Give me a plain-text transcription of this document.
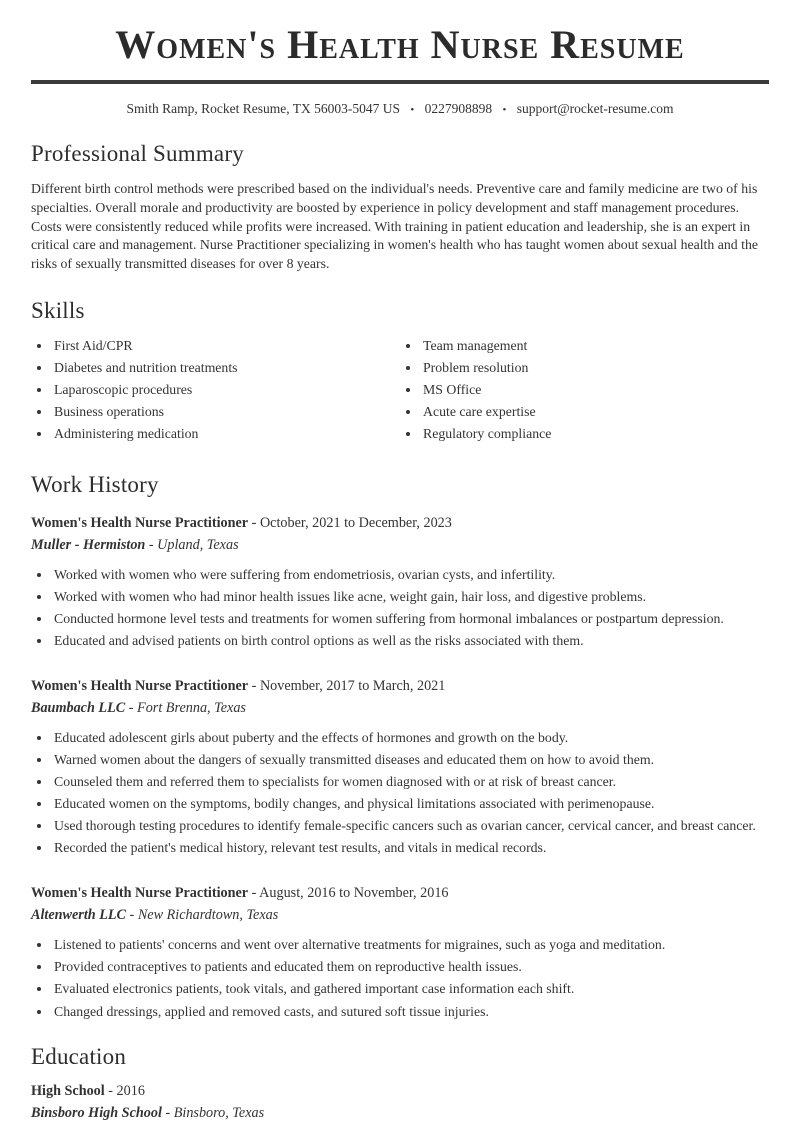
Women's Health Nurse Resume
Smith Ramp, Rocket Resume, TX 56003-5047 US • 0227908898 • support@rocket-resume.com
Professional Summary

Different birth control methods were prescribed based on the individual's needs. Preventive care and family medicine are two of his specialties. Overall morale and productivity are boosted by experience in policy development and staff management procedures. Costs were consistently reduced while profits were increased. With training in patient education and leadership, she is an expert in critical care and management. Nurse Practitioner specializing in women's health who has taught women about sexual health and the risks of sexually transmitted diseases for over 8 years.

Skills
• First Aid/CPR
• Diabetes and nutrition treatments
• Laparoscopic procedures
• Business operations
• Administering medication
• Team management
• Problem resolution
• MS Office
• Acute care expertise
• Regulatory compliance
Work History

Women's Health Nurse Practitioner - October, 2021 to December, 2023

Muller - Hermiston - Upland, Texas

• Worked with women who were suffering from endometriosis, ovarian cysts, and infertility.
• Worked with women who had minor health issues like acne, weight gain, hair loss, and digestive problems.
• Conducted hormone level tests and treatments for women suffering from hormonal imbalances or postpartum depression.
• Educated and advised patients on birth control options as well as the risks associated with them.

Women's Health Nurse Practitioner - November, 2017 to March, 2021

Baumbach LLC - Fort Brenna, Texas

• Educated adolescent girls about puberty and the effects of hormones and growth on the body.
• Warned women about the dangers of sexually transmitted diseases and educated them on how to avoid them.
• Counseled them and referred them to specialists for women diagnosed with or at risk of breast cancer.
• Educated women on the symptoms, bodily changes, and physical limitations associated with perimenopause.
• Used thorough testing procedures to identify female-specific cancers such as ovarian cancer, cervical cancer, and breast cancer.
• Recorded the patient's medical history, relevant test results, and vitals in medical records.

Women's Health Nurse Practitioner - August, 2016 to November, 2016

Altenwerth LLC - New Richardtown, Texas

• Listened to patients' concerns and went over alternative treatments for migraines, such as yoga and meditation.
• Provided contraceptives to patients and educated them on reproductive health issues.
• Evaluated electronics patients, took vitals, and gathered important case information each shift.
• Changed dressings, applied and removed casts, and sutured soft tissue injuries.
Education

High School - 2016

Binsboro High School - Binsboro, Texas
